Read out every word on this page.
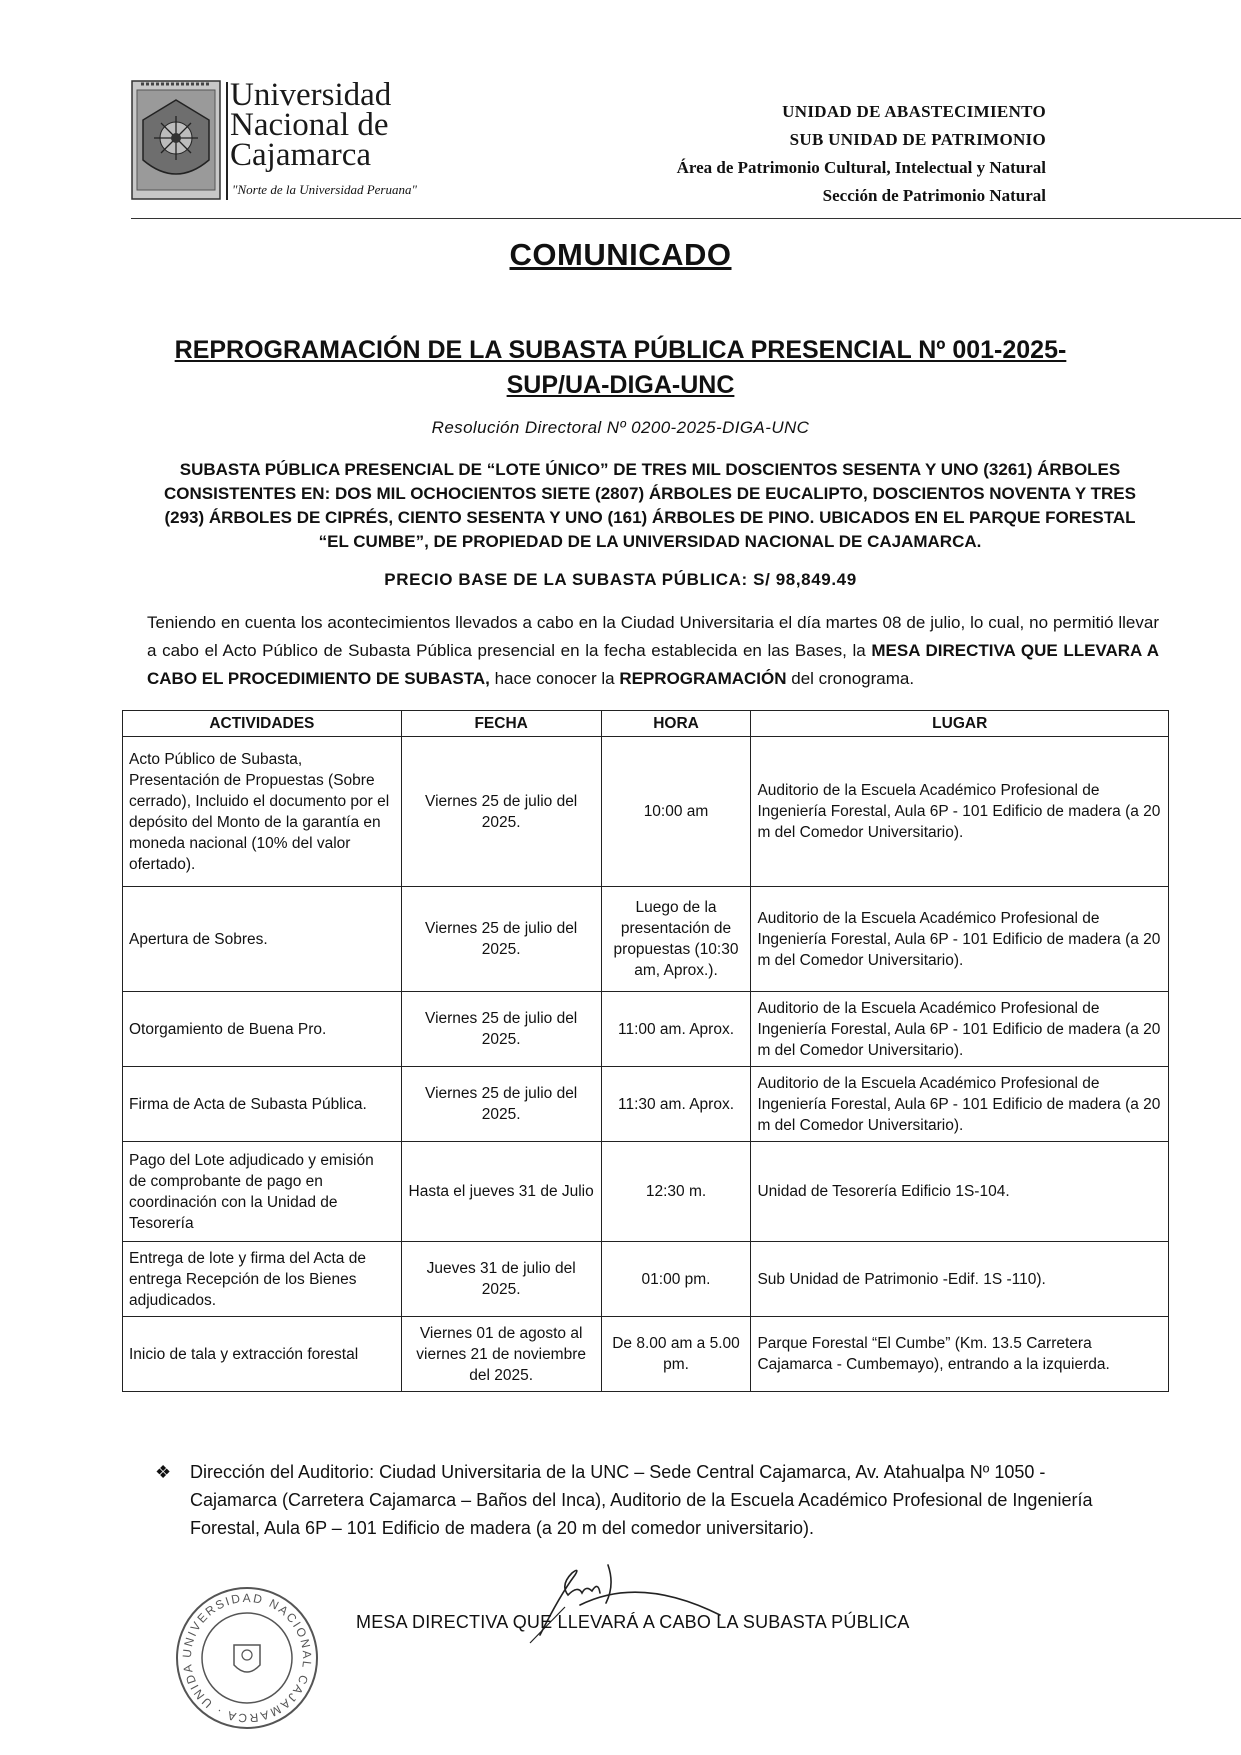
Universidad
Nacional de
Cajamarca
"Norte de la Universidad Peruana"
UNIDAD DE ABASTECIMIENTO
SUB UNIDAD DE PATRIMONIO
Área de Patrimonio Cultural, Intelectual y Natural
Sección de Patrimonio Natural
COMUNICADO
REPROGRAMACIÓN DE LA SUBASTA PÚBLICA PRESENCIAL Nº 001-2025-SUP/UA-DIGA-UNC
Resolución Directoral Nº 0200-2025-DIGA-UNC
SUBASTA PÚBLICA PRESENCIAL DE “LOTE ÚNICO” DE TRES MIL DOSCIENTOS SESENTA Y UNO (3261) ÁRBOLES CONSISTENTES EN: DOS MIL OCHOCIENTOS SIETE (2807) ÁRBOLES DE EUCALIPTO, DOSCIENTOS NOVENTA Y TRES (293) ÁRBOLES DE CIPRÉS, CIENTO SESENTA Y UNO (161) ÁRBOLES DE PINO. UBICADOS EN EL PARQUE FORESTAL “EL CUMBE”, DE PROPIEDAD DE LA UNIVERSIDAD NACIONAL DE CAJAMARCA.
PRECIO BASE DE LA SUBASTA PÚBLICA: S/ 98,849.49
Teniendo en cuenta los acontecimientos llevados a cabo en la Ciudad Universitaria el día martes 08 de julio, lo cual, no permitió llevar a cabo el Acto Público de Subasta Pública presencial en la fecha establecida en las Bases, la MESA DIRECTIVA QUE LLEVARA A CABO EL PROCEDIMIENTO DE SUBASTA, hace conocer la REPROGRAMACIÓN del cronograma.
ACTIVIDADES	FECHA	HORA	LUGAR
Acto Público de Subasta, Presentación de Propuestas (Sobre cerrado), Incluido el documento por el depósito del Monto de la garantía en moneda nacional (10% del valor ofertado).	Viernes 25 de julio del 2025.	10:00 am	Auditorio de la Escuela Académico Profesional de Ingeniería Forestal, Aula 6P - 101 Edificio de madera (a 20 m del Comedor Universitario).
Apertura de Sobres.	Viernes 25 de julio del 2025.	Luego de la presentación de propuestas (10:30 am, Aprox.).	Auditorio de la Escuela Académico Profesional de Ingeniería Forestal, Aula 6P - 101 Edificio de madera (a 20 m del Comedor Universitario).
Otorgamiento de Buena Pro.	Viernes 25 de julio del 2025.	11:00 am. Aprox.	Auditorio de la Escuela Académico Profesional de Ingeniería Forestal, Aula 6P - 101 Edificio de madera (a 20 m del Comedor Universitario).
Firma de Acta de Subasta Pública.	Viernes 25 de julio del 2025.	11:30 am. Aprox.	Auditorio de la Escuela Académico Profesional de Ingeniería Forestal, Aula 6P - 101 Edificio de madera (a 20 m del Comedor Universitario).
Pago del Lote adjudicado y emisión de comprobante de pago en coordinación con la Unidad de Tesorería	Hasta el jueves 31 de Julio	12:30 m.	Unidad de Tesorería Edificio 1S-104.
Entrega de lote y firma del Acta de entrega Recepción de los Bienes adjudicados.	Jueves 31 de julio del 2025.	01:00 pm.	Sub Unidad de Patrimonio -Edif. 1S -110).
Inicio de tala y extracción forestal	Viernes 01 de agosto al viernes 21 de noviembre del 2025.	De 8.00 am a 5.00 pm.	Parque Forestal “El Cumbe” (Km. 13.5 Carretera Cajamarca - Cumbemayo), entrando a la izquierda.
❖ Dirección del Auditorio: Ciudad Universitaria de la UNC – Sede Central Cajamarca, Av. Atahualpa Nº 1050 - Cajamarca (Carretera Cajamarca – Baños del Inca), Auditorio de la Escuela Académico Profesional de Ingeniería Forestal, Aula 6P – 101 Edificio de madera (a 20 m del comedor universitario).
UNIVERSIDAD NACIONAL CAJAMARCA · UNIDA
MESA DIRECTIVA QUE LLEVARÁ A CABO LA SUBASTA PÚBLICA
